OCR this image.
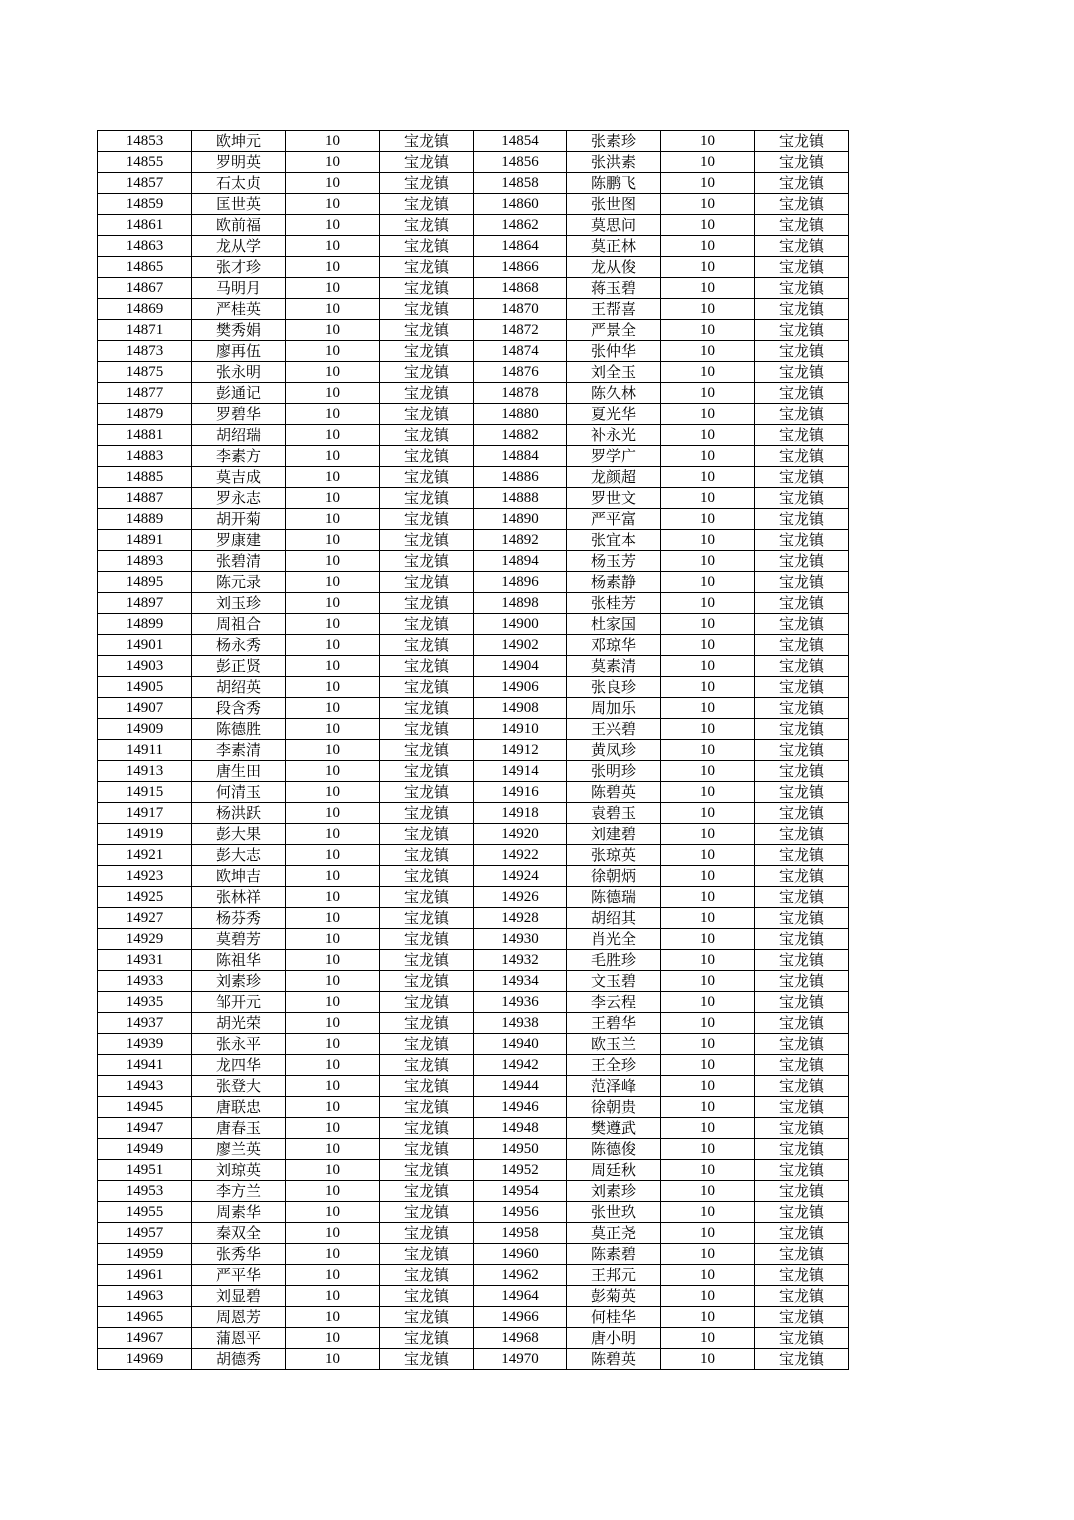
14853	欧坤元	10	宝龙镇	14854	张素珍	10	宝龙镇
14855	罗明英	10	宝龙镇	14856	张洪素	10	宝龙镇
14857	石太贞	10	宝龙镇	14858	陈鹏飞	10	宝龙镇
14859	匡世英	10	宝龙镇	14860	张世图	10	宝龙镇
14861	欧前福	10	宝龙镇	14862	莫思问	10	宝龙镇
14863	龙从学	10	宝龙镇	14864	莫正林	10	宝龙镇
14865	张才珍	10	宝龙镇	14866	龙从俊	10	宝龙镇
14867	马明月	10	宝龙镇	14868	蒋玉碧	10	宝龙镇
14869	严桂英	10	宝龙镇	14870	王帮喜	10	宝龙镇
14871	樊秀娟	10	宝龙镇	14872	严景全	10	宝龙镇
14873	廖再伍	10	宝龙镇	14874	张仲华	10	宝龙镇
14875	张永明	10	宝龙镇	14876	刘全玉	10	宝龙镇
14877	彭通记	10	宝龙镇	14878	陈久林	10	宝龙镇
14879	罗碧华	10	宝龙镇	14880	夏光华	10	宝龙镇
14881	胡绍瑞	10	宝龙镇	14882	补永光	10	宝龙镇
14883	李素方	10	宝龙镇	14884	罗学广	10	宝龙镇
14885	莫吉成	10	宝龙镇	14886	龙颜超	10	宝龙镇
14887	罗永志	10	宝龙镇	14888	罗世文	10	宝龙镇
14889	胡开菊	10	宝龙镇	14890	严平富	10	宝龙镇
14891	罗康建	10	宝龙镇	14892	张宜本	10	宝龙镇
14893	张碧清	10	宝龙镇	14894	杨玉芳	10	宝龙镇
14895	陈元录	10	宝龙镇	14896	杨素静	10	宝龙镇
14897	刘玉珍	10	宝龙镇	14898	张桂芳	10	宝龙镇
14899	周祖合	10	宝龙镇	14900	杜家国	10	宝龙镇
14901	杨永秀	10	宝龙镇	14902	邓琼华	10	宝龙镇
14903	彭正贤	10	宝龙镇	14904	莫素清	10	宝龙镇
14905	胡绍英	10	宝龙镇	14906	张良珍	10	宝龙镇
14907	段含秀	10	宝龙镇	14908	周加乐	10	宝龙镇
14909	陈德胜	10	宝龙镇	14910	王兴碧	10	宝龙镇
14911	李素清	10	宝龙镇	14912	黄凤珍	10	宝龙镇
14913	唐生田	10	宝龙镇	14914	张明珍	10	宝龙镇
14915	何清玉	10	宝龙镇	14916	陈碧英	10	宝龙镇
14917	杨洪跃	10	宝龙镇	14918	袁碧玉	10	宝龙镇
14919	彭大果	10	宝龙镇	14920	刘建碧	10	宝龙镇
14921	彭大志	10	宝龙镇	14922	张琼英	10	宝龙镇
14923	欧坤吉	10	宝龙镇	14924	徐朝炳	10	宝龙镇
14925	张林祥	10	宝龙镇	14926	陈德瑞	10	宝龙镇
14927	杨芬秀	10	宝龙镇	14928	胡绍其	10	宝龙镇
14929	莫碧芳	10	宝龙镇	14930	肖光全	10	宝龙镇
14931	陈祖华	10	宝龙镇	14932	毛胜珍	10	宝龙镇
14933	刘素珍	10	宝龙镇	14934	文玉碧	10	宝龙镇
14935	邹开元	10	宝龙镇	14936	李云程	10	宝龙镇
14937	胡光荣	10	宝龙镇	14938	王碧华	10	宝龙镇
14939	张永平	10	宝龙镇	14940	欧玉兰	10	宝龙镇
14941	龙四华	10	宝龙镇	14942	王全珍	10	宝龙镇
14943	张登大	10	宝龙镇	14944	范泽峰	10	宝龙镇
14945	唐联忠	10	宝龙镇	14946	徐朝贵	10	宝龙镇
14947	唐春玉	10	宝龙镇	14948	樊遵武	10	宝龙镇
14949	廖兰英	10	宝龙镇	14950	陈德俊	10	宝龙镇
14951	刘琼英	10	宝龙镇	14952	周廷秋	10	宝龙镇
14953	李方兰	10	宝龙镇	14954	刘素珍	10	宝龙镇
14955	周素华	10	宝龙镇	14956	张世玖	10	宝龙镇
14957	秦双全	10	宝龙镇	14958	莫正尧	10	宝龙镇
14959	张秀华	10	宝龙镇	14960	陈素碧	10	宝龙镇
14961	严平华	10	宝龙镇	14962	王邦元	10	宝龙镇
14963	刘显碧	10	宝龙镇	14964	彭菊英	10	宝龙镇
14965	周恩芳	10	宝龙镇	14966	何桂华	10	宝龙镇
14967	蒲恩平	10	宝龙镇	14968	唐小明	10	宝龙镇
14969	胡德秀	10	宝龙镇	14970	陈碧英	10	宝龙镇
